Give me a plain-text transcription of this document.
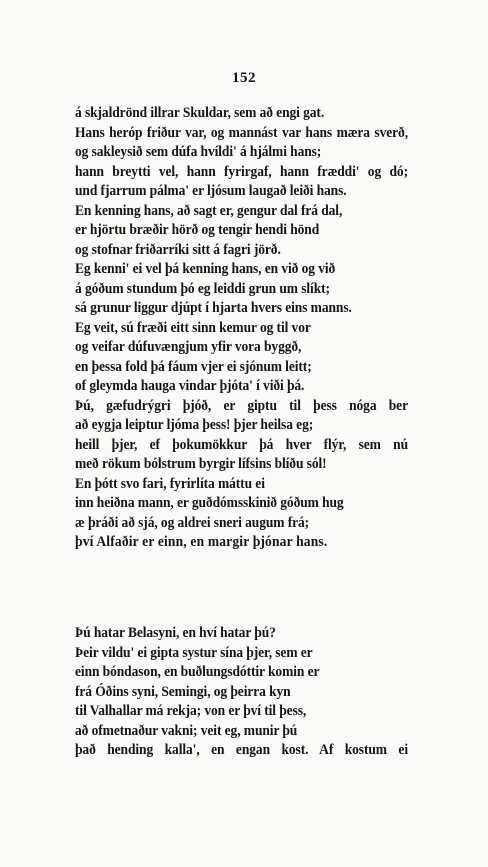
152
á skjaldrönd illrar Skuldar, sem að engi gat.
Hans heróp friður var, og mannást var hans mæra sverð,
og sakleysið sem dúfa hvíldi' á hjálmi hans;
hann breytti vel, hann fyrirgaf, hann fræddi' og dó;
und fjarrum pálma' er ljósum laugað leiði hans.
En kenning hans, að sagt er, gengur dal frá dal,
er hjörtu bræðir hörð og tengir hendi hönd
og stofnar friðarríki sitt á fagri jörð.
Eg kenni' ei vel þá kenning hans, en við og við
á góðum stundum þó eg leiddi grun um slíkt;
sá grunur liggur djúpt í hjarta hvers eins manns.
Eg veit, sú fræði eitt sinn kemur og til vor
og veifar dúfuvængjum yfir vora byggð,
en þessa fold þá fáum vjer ei sjónum leitt;
of gleymda hauga vindar þjóta' í viði þá.
Þú, gæfudrýgri þjóð, er giptu til þess nóga ber
að eygja leiptur ljóma þess! þjer heilsa eg;
heill þjer, ef þokumökkur þá hver flýr, sem nú
með rökum bólstrum byrgir lífsins blíðu sól!
En þótt svo fari, fyrirlíta máttu ei
inn heiðna mann, er guðdómsskinið góðum hug
æ þráði að sjá, og aldrei sneri augum frá;
því Alfaðir er einn, en margir þjónar hans.
Þú hatar Belasyni, en hví hatar þú?
Þeir vildu' ei gipta systur sína þjer, sem er
einn bóndason, en buðlungsdóttir komin er
frá Óðins syni, Semingi, og þeirra kyn
til Valhallar má rekja; von er því til þess,
að ofmetnaður vakni; veit eg, munir þú
það hending kalla', en engan kost. Af kostum ei
